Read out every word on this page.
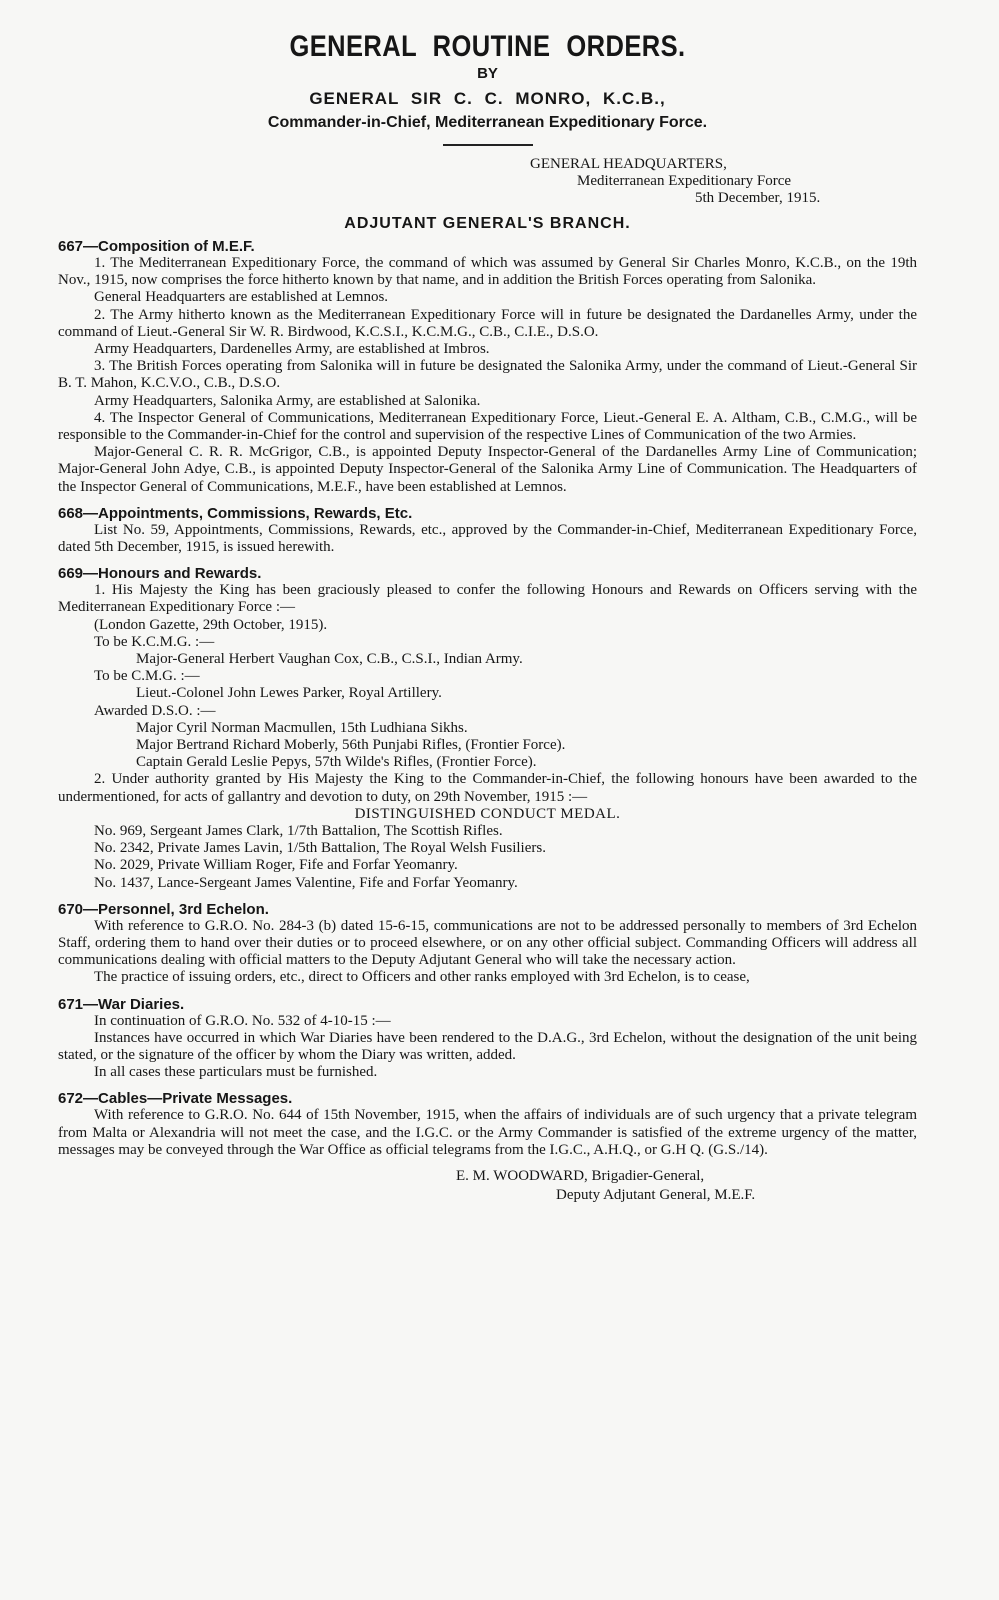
GENERAL ROUTINE ORDERS.
BY
GENERAL SIR C. C. MONRO, K.C.B.,
Commander-in-Chief, Mediterranean Expeditionary Force.
GENERAL HEADQUARTERS,
Mediterranean Expeditionary Force
5th December, 1915.
ADJUTANT GENERAL'S BRANCH.
667—Composition of M.E.F.
1. The Mediterranean Expeditionary Force, the command of which was assumed by General Sir Charles Monro, K.C.B., on the 19th Nov., 1915, now comprises the force hitherto known by that name, and in addition the British Forces operating from Salonika.
General Headquarters are established at Lemnos.
2. The Army hitherto known as the Mediterranean Expeditionary Force will in future be designated the Dardanelles Army, under the command of Lieut.-General Sir W. R. Birdwood, K.C.S.I., K.C.M.G., C.B., C.I.E., D.S.O.
Army Headquarters, Dardenelles Army, are established at Imbros.
3. The British Forces operating from Salonika will in future be designated the Salonika Army, under the command of Lieut.-General Sir B. T. Mahon, K.C.V.O., C.B., D.S.O.
Army Headquarters, Salonika Army, are established at Salonika.
4. The Inspector General of Communications, Mediterranean Expeditionary Force, Lieut.-General E. A. Altham, C.B., C.M.G., will be responsible to the Commander-in-Chief for the control and supervision of the respective Lines of Communication of the two Armies.
Major-General C. R. R. McGrigor, C.B., is appointed Deputy Inspector-General of the Dardanelles Army Line of Communication; Major-General John Adye, C.B., is appointed Deputy Inspector-General of the Salonika Army Line of Communication. The Headquarters of the Inspector General of Communications, M.E.F., have been established at Lemnos.
668—Appointments, Commissions, Rewards, Etc.
List No. 59, Appointments, Commissions, Rewards, etc., approved by the Commander-in-Chief, Mediterranean Expeditionary Force, dated 5th December, 1915, is issued herewith.
669—Honours and Rewards.
1. His Majesty the King has been graciously pleased to confer the following Honours and Rewards on Officers serving with the Mediterranean Expeditionary Force :—
(London Gazette, 29th October, 1915).
To be K.C.M.G. :—
Major-General Herbert Vaughan Cox, C.B., C.S.I., Indian Army.
To be C.M.G. :—
Lieut.-Colonel John Lewes Parker, Royal Artillery.
Awarded D.S.O. :—
Major Cyril Norman Macmullen, 15th Ludhiana Sikhs.
Major Bertrand Richard Moberly, 56th Punjabi Rifles, (Frontier Force).
Captain Gerald Leslie Pepys, 57th Wilde's Rifles, (Frontier Force).
2. Under authority granted by His Majesty the King to the Commander-in-Chief, the following honours have been awarded to the undermentioned, for acts of gallantry and devotion to duty, on 29th November, 1915 :—
DISTINGUISHED CONDUCT MEDAL.
No. 969, Sergeant James Clark, 1/7th Battalion, The Scottish Rifles.
No. 2342, Private James Lavin, 1/5th Battalion, The Royal Welsh Fusiliers.
No. 2029, Private William Roger, Fife and Forfar Yeomanry.
No. 1437, Lance-Sergeant James Valentine, Fife and Forfar Yeomanry.
670—Personnel, 3rd Echelon.
With reference to G.R.O. No. 284-3 (b) dated 15-6-15, communications are not to be addressed personally to members of 3rd Echelon Staff, ordering them to hand over their duties or to proceed elsewhere, or on any other official subject. Commanding Officers will address all communications dealing with official matters to the Deputy Adjutant General who will take the necessary action.
The practice of issuing orders, etc., direct to Officers and other ranks employed with 3rd Echelon, is to cease,
671—War Diaries.
In continuation of G.R.O. No. 532 of 4-10-15 :—
Instances have occurred in which War Diaries have been rendered to the D.A.G., 3rd Echelon, without the designation of the unit being stated, or the signature of the officer by whom the Diary was written, added.
In all cases these particulars must be furnished.
672—Cables—Private Messages.
With reference to G.R.O. No. 644 of 15th November, 1915, when the affairs of individuals are of such urgency that a private telegram from Malta or Alexandria will not meet the case, and the I.G.C. or the Army Commander is satisfied of the extreme urgency of the matter, messages may be conveyed through the War Office as official telegrams from the I.G.C., A.H.Q., or G.H Q. (G.S./14).
E. M. WOODWARD, Brigadier-General,
Deputy Adjutant General, M.E.F.
